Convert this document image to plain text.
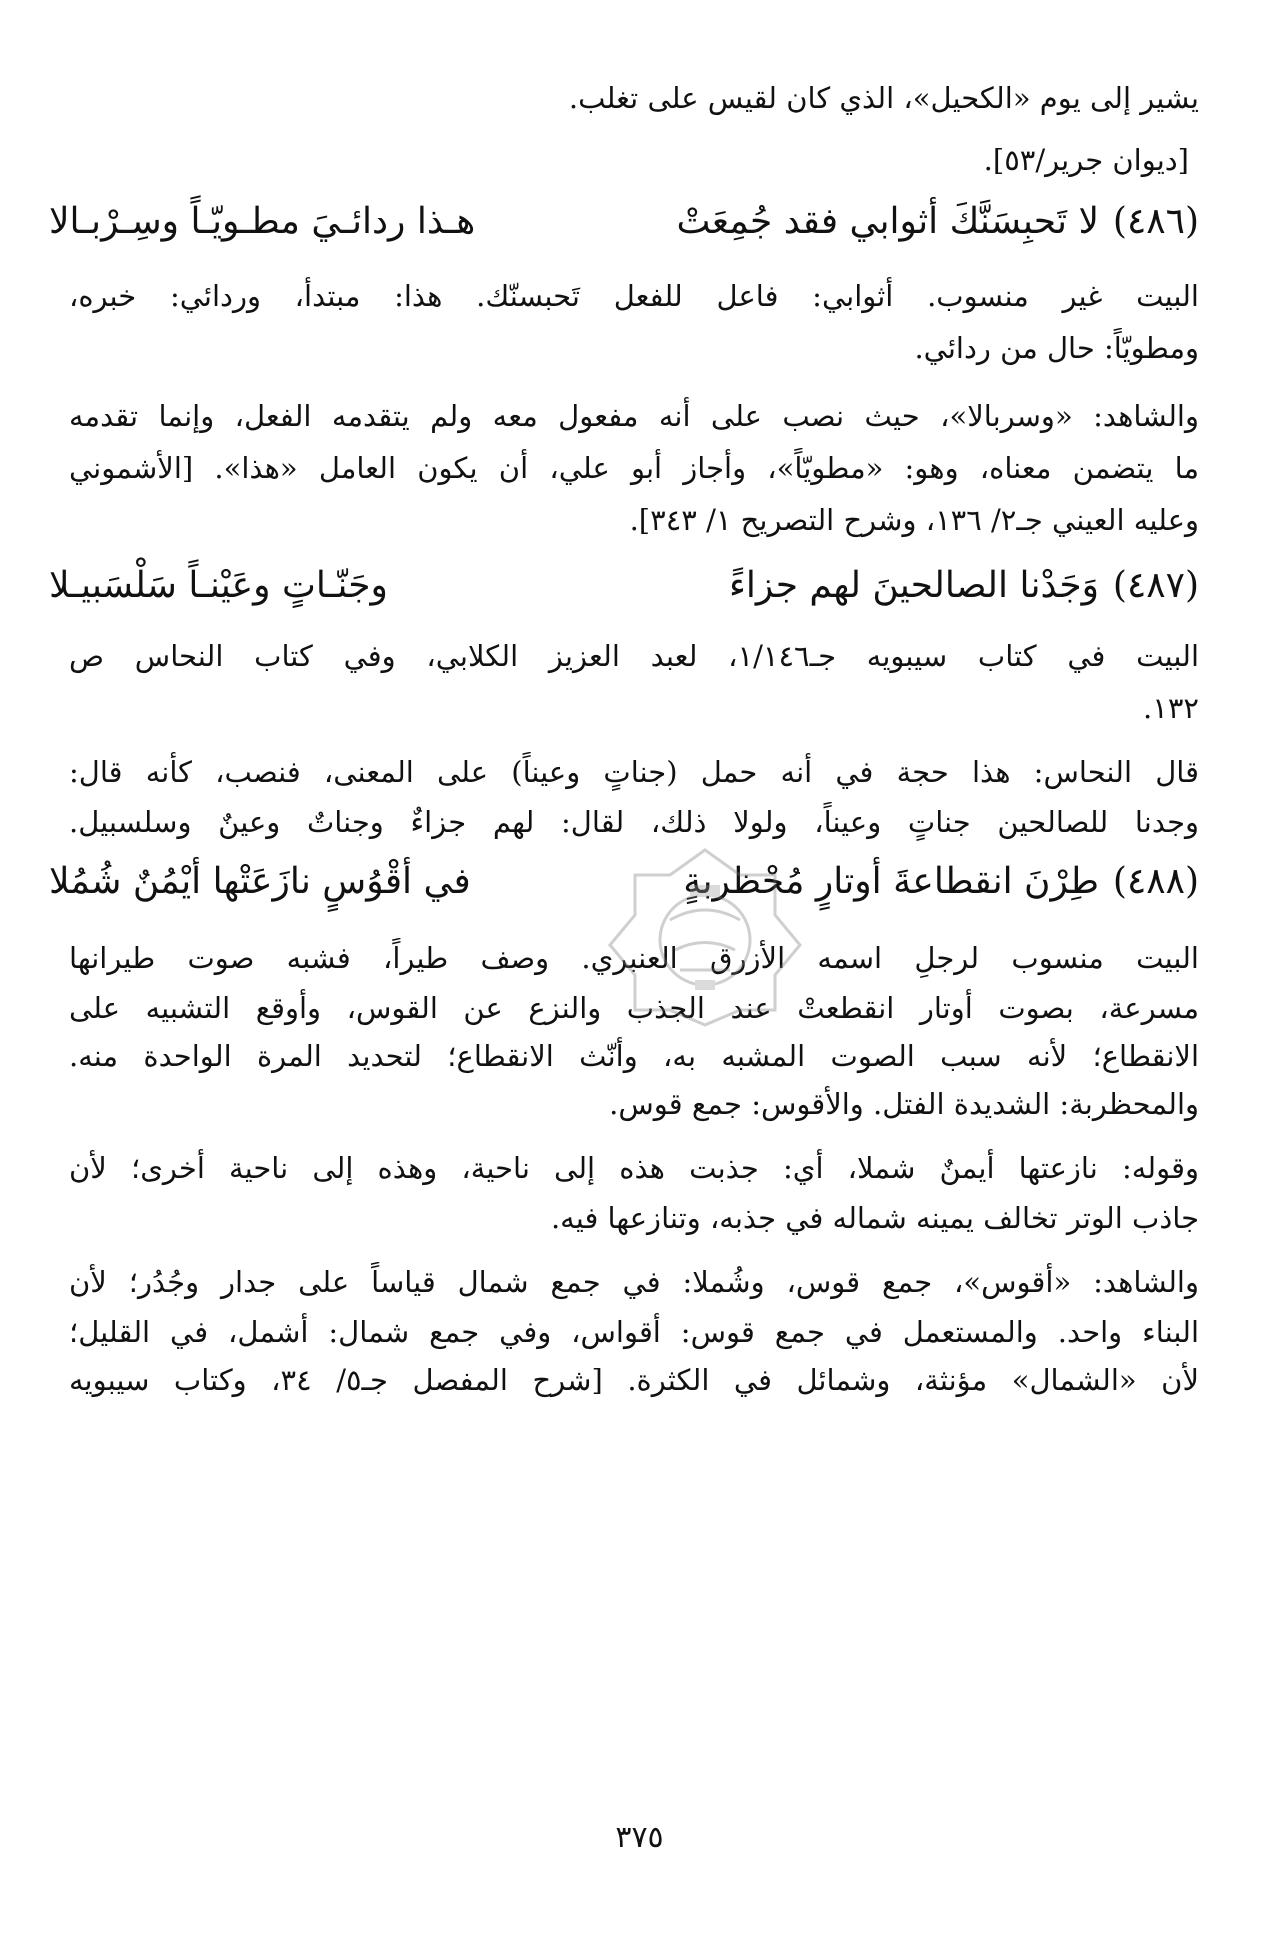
يشير إلى يوم «الكحيل»، الذي كان لقيس على تغلب.
[ديوان جرير/٥٣].
(٤٨٦)
لا تَحبِسَنَّكَ أثوابي فقد جُمِعَتْ
هـذا ردائـيَ مطـويّـاً وسِـرْبـالا
البيت غير منسوب. أثوابي: فاعل للفعل تَحبسنّك. هذا: مبتدأ، وردائي: خبره،
ومطويّاً: حال من ردائي.
والشاهد: «وسربالا»، حيث نصب على أنه مفعول معه ولم يتقدمه الفعل، وإنما تقدمه
ما يتضمن معناه، وهو: «مطويّاً»، وأجاز أبو علي، أن يكون العامل «هذا». [الأشموني
وعليه العيني جـ٢/ ١٣٦، وشرح التصريح ١/ ٣٤٣].
(٤٨٧)
وَجَدْنا الصالحينَ لهم جزاءً
وجَنّـاتٍ وعَيْنـاً سَلْسَبيـلا
البيت في كتاب سيبويه جـ١/١٤٦، لعبد العزيز الكلابي، وفي كتاب النحاس ص
١٣٢.
قال النحاس: هذا حجة في أنه حمل (جناتٍ وعيناً) على المعنى، فنصب، كأنه قال:
وجدنا للصالحين جناتٍ وعيناً، ولولا ذلك، لقال: لهم جزاءٌ وجناتٌ وعينٌ وسلسبيل.
(٤٨٨)
طِرْنَ انقطاعةَ أوتارٍ مُحْظربةٍ
في أقْوُسٍ نازَعَتْها أيْمُنٌ شُمُلا
البيت منسوب لرجلٍ اسمه الأزرق العنبري. وصف طيراً، فشبه صوت طيرانها
مسرعة، بصوت أوتار انقطعتْ عند الجذب والنزع عن القوس، وأوقع التشبيه على
الانقطاع؛ لأنه سبب الصوت المشبه به، وأنّث الانقطاع؛ لتحديد المرة الواحدة منه.
والمحظربة: الشديدة الفتل. والأقوس: جمع قوس.
وقوله: نازعتها أيمنٌ شملا، أي: جذبت هذه إلى ناحية، وهذه إلى ناحية أخرى؛ لأن
جاذب الوتر تخالف يمينه شماله في جذبه، وتنازعها فيه.
والشاهد: «أقوس»، جمع قوس، وشُملا: في جمع شمال قياساً على جدار وجُدُر؛ لأن
البناء واحد. والمستعمل في جمع قوس: أقواس، وفي جمع شمال: أشمل، في القليل؛
لأن «الشمال» مؤنثة، وشمائل في الكثرة. [شرح المفصل جـ٥/ ٣٤، وكتاب سيبويه
٣٧٥
